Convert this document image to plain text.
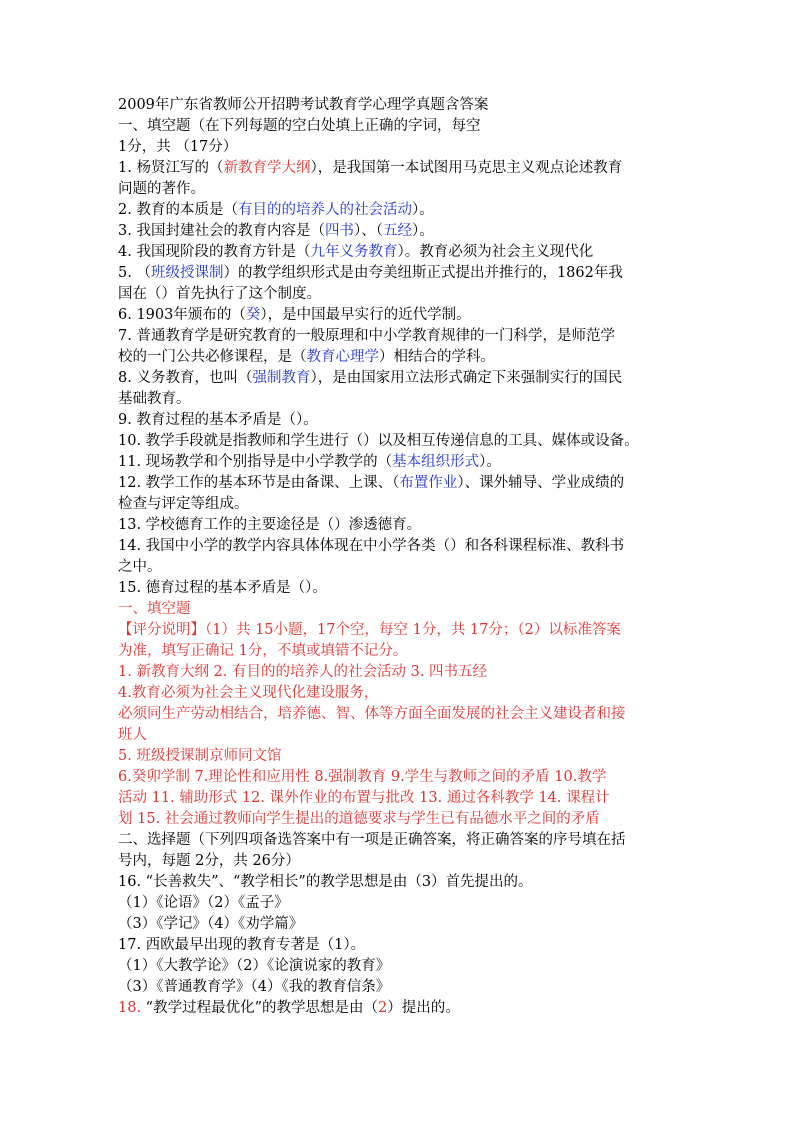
2009年广东省教师公开招聘考试教育学心理学真题含答案

一、填空题（在下列每题的空白处填上正确的字词，每空

1分，共 （17分）

1. 杨贤江写的（新教育学大纲），是我国第一本试图用马克思主义观点论述教育

问题的著作。

2. 教育的本质是（有目的的培养人的社会活动）。

3. 我国封建社会的教育内容是（四书）、（五经）。

4. 我国现阶段的教育方针是（九年义务教育）。教育必须为社会主义现代化

5. （班级授课制）的教学组织形式是由夸美纽斯正式提出并推行的，1862年我

国在（）首先执行了这个制度。

6. 1903年颁布的（癸），是中国最早实行的近代学制。

7. 普通教育学是研究教育的一般原理和中小学教育规律的一门科学，是师范学

校的一门公共必修课程，是（教育心理学）相结合的学科。

8. 义务教育，也叫（强制教育），是由国家用立法形式确定下来强制实行的国民

基础教育。

9. 教育过程的基本矛盾是（）。

10. 教学手段就是指教师和学生进行（）以及相互传递信息的工具、媒体或设备。

11. 现场教学和个别指导是中小学教学的（基本组织形式）。

12. 教学工作的基本环节是由备课、上课、（布置作业）、课外辅导、学业成绩的

检查与评定等组成。

13. 学校德育工作的主要途径是（）渗透德育。

14. 我国中小学的教学内容具体体现在中小学各类（）和各科课程标准、教科书

之中。

15. 德育过程的基本矛盾是（）。

一、填空题

【评分说明】（1）共 15小题，17个空，每空 1分，共 17分；（2）以标准答案

为准，填写正确记 1分，不填或填错不记分。

1. 新教育大纲 2. 有目的的培养人的社会活动 3. 四书五经

4.教育必须为社会主义现代化建设服务，

必须同生产劳动相结合，培养德、智、体等方面全面发展的社会主义建设者和接

班人

5. 班级授课制京师同文馆

6.癸卯学制 7.理论性和应用性 8.强制教育 9.学生与教师之间的矛盾 10.教学

活动 11. 辅助形式 12. 课外作业的布置与批改 13. 通过各科教学 14. 课程计

划 15. 社会通过教师向学生提出的道德要求与学生已有品德水平之间的矛盾

二、选择题（下列四项备选答案中有一项是正确答案，将正确答案的序号填在括

号内，每题 2分，共 26分）

16. “长善救失”、“教学相长”的教学思想是由（3）首先提出的。

（1）《论语》（2）《孟子》

（3）《学记》（4）《劝学篇》

17. 西欧最早出现的教育专著是（1）。

（1）《大教学论》（2）《论演说家的教育》

（3）《普通教育学》（4）《我的教育信条》

18. “教学过程最优化”的教学思想是由（2）提出的。
